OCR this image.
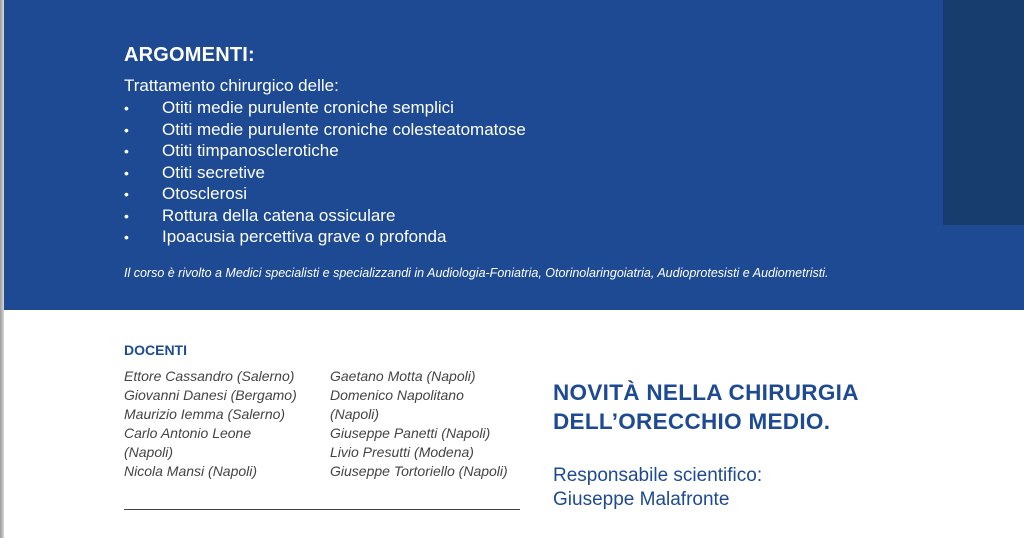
ARGOMENTI:
Trattamento chirurgico delle:
• Otiti medie purulente croniche semplici
• Otiti medie purulente croniche colesteatomatose
• Otiti timpanosclerotiche
• Otiti secretive
• Otosclerosi
• Rottura della catena ossiculare
• Ipoacusia percettiva grave o profonda
Il corso è rivolto a Medici specialisti e specializzandi in Audiologia-Foniatria, Otorinolaringoiatria, Audioprotesisti e Audiometristi.
DOCENTI
Ettore Cassandro (Salerno)
Giovanni Danesi (Bergamo)
Maurizio Iemma (Salerno)
Carlo Antonio Leone
(Napoli)
Nicola Mansi (Napoli)
Gaetano Motta (Napoli)
Domenico Napolitano
(Napoli)
Giuseppe Panetti (Napoli)
Livio Presutti (Modena)
Giuseppe Tortoriello (Napoli)
NOVITÀ NELLA CHIRURGIA
DELL’ORECCHIO MEDIO.
Responsabile scientifico:
Giuseppe Malafronte
